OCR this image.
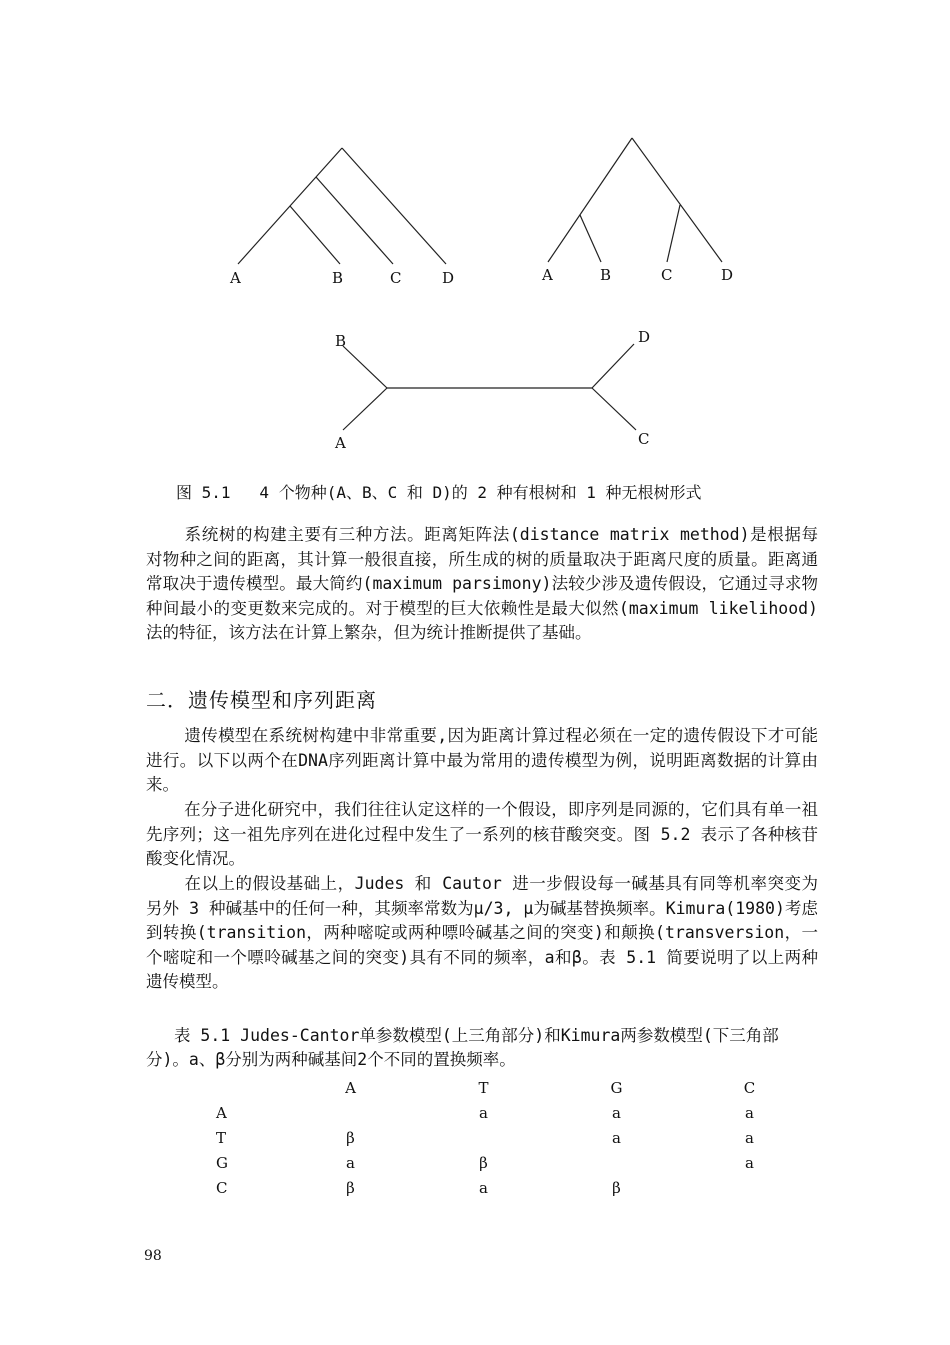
A	B	C	D	A	B	C	D
B
A
D
C
图 5.1   4 个物种(A、B、C 和 D)的 2 种有根树和 1 种无根树形式
系统树的构建主要有三种方法。距离矩阵法(distance matrix method)是根据每对物种之间的距离，其计算一般很直接，所生成的树的质量取决于距离尺度的质量。距离通常取决于遗传模型。最大简约(maximum parsimony)法较少涉及遗传假设，它通过寻求物种间最小的变更数来完成的。对于模型的巨大依赖性是最大似然(maximum likelihood)法的特征，该方法在计算上繁杂，但为统计推断提供了基础。
二．遗传模型和序列距离
遗传模型在系统树构建中非常重要,因为距离计算过程必须在一定的遗传假设下才可能进行。以下以两个在DNA序列距离计算中最为常用的遗传模型为例，说明距离数据的计算由来。
在分子进化研究中，我们往往认定这样的一个假设，即序列是同源的，它们具有单一祖先序列；这一祖先序列在进化过程中发生了一系列的核苷酸突变。图 5.2 表示了各种核苷酸变化情况。
在以上的假设基础上，Judes 和 Cautor 进一步假设每一碱基具有同等机率突变为另外 3 种碱基中的任何一种，其频率常数为μ/3, μ为碱基替换频率。Kimura(1980)考虑到转换(transition，两种嘧啶或两种嘌呤碱基之间的突变)和颠换(transversion，一个嘧啶和一个嘌呤碱基之间的突变)具有不同的频率，a和β。表 5.1 简要说明了以上两种遗传模型。
表 5.1 Judes-Cantor单参数模型(上三角部分)和Kimura两参数模型(下三角部分)。a、β分别为两种碱基间2个不同的置换频率。
	A	T	G	C
A		a	a	a
T	β		a	a
G	a	β		a
C	β	a	β	
98
